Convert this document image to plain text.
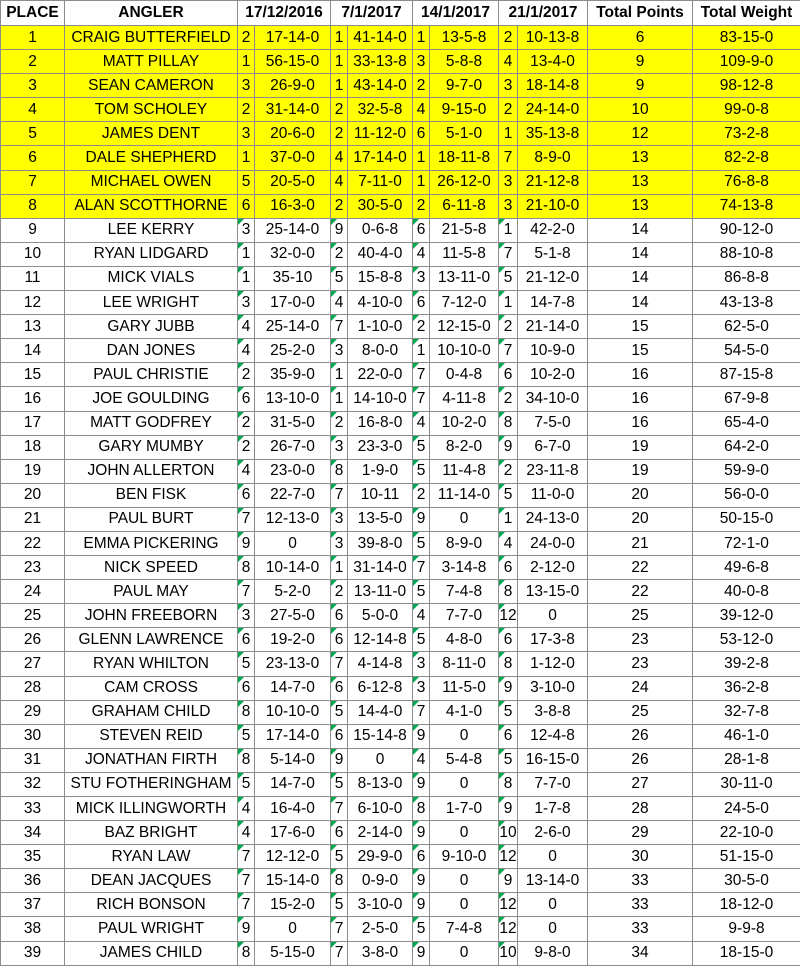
PLACE	ANGLER	17/12/2016		7/1/2017		14/1/2017		21/1/2017		Total Points	Total Weight
1	CRAIG BUTTERFIELD	2	17-14-0	1	41-14-0	1	13-5-8	2	10-13-8	6	83-15-0
2	MATT PILLAY	1	56-15-0	1	33-13-8	3	5-8-8	4	13-4-0	9	109-9-0
3	SEAN CAMERON	3	26-9-0	1	43-14-0	2	9-7-0	3	18-14-8	9	98-12-8
4	TOM SCHOLEY	2	31-14-0	2	32-5-8	4	9-15-0	2	24-14-0	10	99-0-8
5	JAMES DENT	3	20-6-0	2	11-12-0	6	5-1-0	1	35-13-8	12	73-2-8
6	DALE SHEPHERD	1	37-0-0	4	17-14-0	1	18-11-8	7	8-9-0	13	82-2-8
7	MICHAEL OWEN	5	20-5-0	4	7-11-0	1	26-12-0	3	21-12-8	13	76-8-8
8	ALAN SCOTTHORNE	6	16-3-0	2	30-5-0	2	6-11-8	3	21-10-0	13	74-13-8
9	LEE KERRY	3	25-14-0	9	0-6-8	6	21-5-8	1	42-2-0	14	90-12-0
10	RYAN LIDGARD	1	32-0-0	2	40-4-0	4	11-5-8	7	5-1-8	14	88-10-8
11	MICK VIALS	1	35-10	5	15-8-8	3	13-11-0	5	21-12-0	14	86-8-8
12	LEE WRIGHT	3	17-0-0	4	4-10-0	6	7-12-0	1	14-7-8	14	43-13-8
13	GARY JUBB	4	25-14-0	7	1-10-0	2	12-15-0	2	21-14-0	15	62-5-0
14	DAN JONES	4	25-2-0	3	8-0-0	1	10-10-0	7	10-9-0	15	54-5-0
15	PAUL CHRISTIE	2	35-9-0	1	22-0-0	7	0-4-8	6	10-2-0	16	87-15-8
16	JOE GOULDING	6	13-10-0	1	14-10-0	7	4-11-8	2	34-10-0	16	67-9-8
17	MATT GODFREY	2	31-5-0	2	16-8-0	4	10-2-0	8	7-5-0	16	65-4-0
18	GARY MUMBY	2	26-7-0	3	23-3-0	5	8-2-0	9	6-7-0	19	64-2-0
19	JOHN ALLERTON	4	23-0-0	8	1-9-0	5	11-4-8	2	23-11-8	19	59-9-0
20	BEN FISK	6	22-7-0	7	10-11	2	11-14-0	5	11-0-0	20	56-0-0
21	PAUL BURT	7	12-13-0	3	13-5-0	9	0	1	24-13-0	20	50-15-0
22	EMMA PICKERING	9	0	3	39-8-0	5	8-9-0	4	24-0-0	21	72-1-0
23	NICK SPEED	8	10-14-0	1	31-14-0	7	3-14-8	6	2-12-0	22	49-6-8
24	PAUL MAY	7	5-2-0	2	13-11-0	5	7-4-8	8	13-15-0	22	40-0-8
25	JOHN FREEBORN	3	27-5-0	6	5-0-0	4	7-7-0	12	0	25	39-12-0
26	GLENN LAWRENCE	6	19-2-0	6	12-14-8	5	4-8-0	6	17-3-8	23	53-12-0
27	RYAN WHILTON	5	23-13-0	7	4-14-8	3	8-11-0	8	1-12-0	23	39-2-8
28	CAM CROSS	6	14-7-0	6	6-12-8	3	11-5-0	9	3-10-0	24	36-2-8
29	GRAHAM CHILD	8	10-10-0	5	14-4-0	7	4-1-0	5	3-8-8	25	32-7-8
30	STEVEN REID	5	17-14-0	6	15-14-8	9	0	6	12-4-8	26	46-1-0
31	JONATHAN FIRTH	8	5-14-0	9	0	4	5-4-8	5	16-15-0	26	28-1-8
32	STU FOTHERINGHAM	5	14-7-0	5	8-13-0	9	0	8	7-7-0	27	30-11-0
33	MICK ILLINGWORTH	4	16-4-0	7	6-10-0	8	1-7-0	9	1-7-8	28	24-5-0
34	BAZ BRIGHT	4	17-6-0	6	2-14-0	9	0	10	2-6-0	29	22-10-0
35	RYAN LAW	7	12-12-0	5	29-9-0	6	9-10-0	12	0	30	51-15-0
36	DEAN JACQUES	7	15-14-0	8	0-9-0	9	0	9	13-14-0	33	30-5-0
37	RICH BONSON	7	15-2-0	5	3-10-0	9	0	12	0	33	18-12-0
38	PAUL WRIGHT	9	0	7	2-5-0	5	7-4-8	12	0	33	9-9-8
39	JAMES CHILD	8	5-15-0	7	3-8-0	9	0	10	9-8-0	34	18-15-0
